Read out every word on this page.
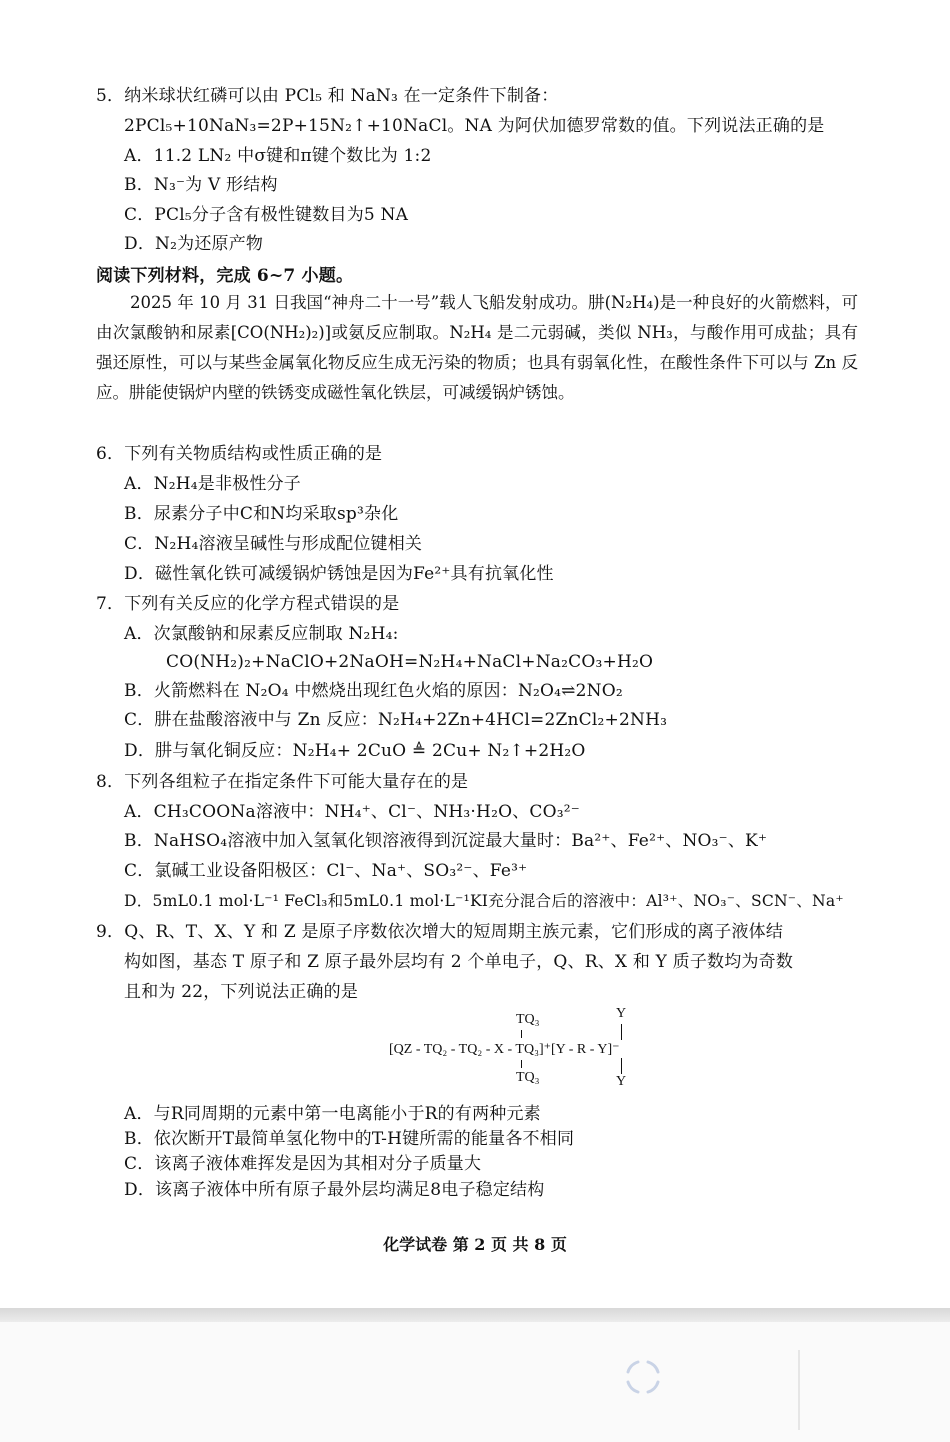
5．纳米球状红磷可以由 PCl₅ 和 NaN₃ 在一定条件下制备：
2PCl₅+10NaN₃=2P+15N₂↑+10NaCl。NA 为阿伏加德罗常数的值。下列说法正确的是
A．11.2 LN₂ 中σ键和π键个数比为 1:2
B．N₃⁻为 V 形结构
C．PCl₅分子含有极性键数目为5 NA
D．N₂为还原产物
阅读下列材料，完成 6~7 小题。
2025 年 10 月 31 日我国“神舟二十一号”载人飞船发射成功。肼(N₂H₄)是一种良好的火箭燃料，可由次氯酸钠和尿素[CO(NH₂)₂)]或氨反应制取。N₂H₄ 是二元弱碱，类似 NH₃，与酸作用可成盐；具有强还原性，可以与某些金属氧化物反应生成无污染的物质；也具有弱氧化性，在酸性条件下可以与 Zn 反应。肼能使锅炉内壁的铁锈变成磁性氧化铁层，可减缓锅炉锈蚀。
6．下列有关物质结构或性质正确的是
A．N₂H₄是非极性分子
B．尿素分子中C和N均采取sp³杂化
C．N₂H₄溶液呈碱性与形成配位键相关
D．磁性氧化铁可减缓锅炉锈蚀是因为Fe²⁺具有抗氧化性
7．下列有关反应的化学方程式错误的是
A．次氯酸钠和尿素反应制取 N₂H₄:
CO(NH₂)₂+NaClO+2NaOH=N₂H₄+NaCl+Na₂CO₃+H₂O
B．火箭燃料在 N₂O₄ 中燃烧出现红色火焰的原因：N₂O₄⇌2NO₂
C．肼在盐酸溶液中与 Zn 反应：N₂H₄+2Zn+4HCl=2ZnCl₂+2NH₃
D．肼与氧化铜反应：N₂H₄+ 2CuO ≜ 2Cu+ N₂↑+2H₂O
8．下列各组粒子在指定条件下可能大量存在的是
A．CH₃COONa溶液中：NH₄⁺、Cl⁻、NH₃·H₂O、CO₃²⁻
B．NaHSO₄溶液中加入氢氧化钡溶液得到沉淀最大量时：Ba²⁺、Fe²⁺、NO₃⁻、K⁺
C．氯碱工业设备阳极区：Cl⁻、Na⁺、SO₃²⁻、Fe³⁺
D．5mL0.1 mol·L⁻¹ FeCl₃和5mL0.1 mol·L⁻¹KI充分混合后的溶液中：Al³⁺、NO₃⁻、SCN⁻、Na⁺
9．Q、R、T、X、Y 和 Z 是原子序数依次增大的短周期主族元素，它们形成的离子液体结
构如图，基态 T 原子和 Z 原子最外层均有 2 个单电子，Q、R、X 和 Y 质子数均为奇数
且和为 22，下列说法正确的是
TQ₃
[QZ - TQ₂ - TQ₂ - X - TQ₃]⁺[Y - R - Y]⁻
TQ₃
Y
Y
A．与R同周期的元素中第一电离能小于R的有两种元素
B．依次断开T最简单氢化物中的T-H键所需的能量各不相同
C．该离子液体难挥发是因为其相对分子质量大
D．该离子液体中所有原子最外层均满足8电子稳定结构
化学试卷 第 2 页 共 8 页
